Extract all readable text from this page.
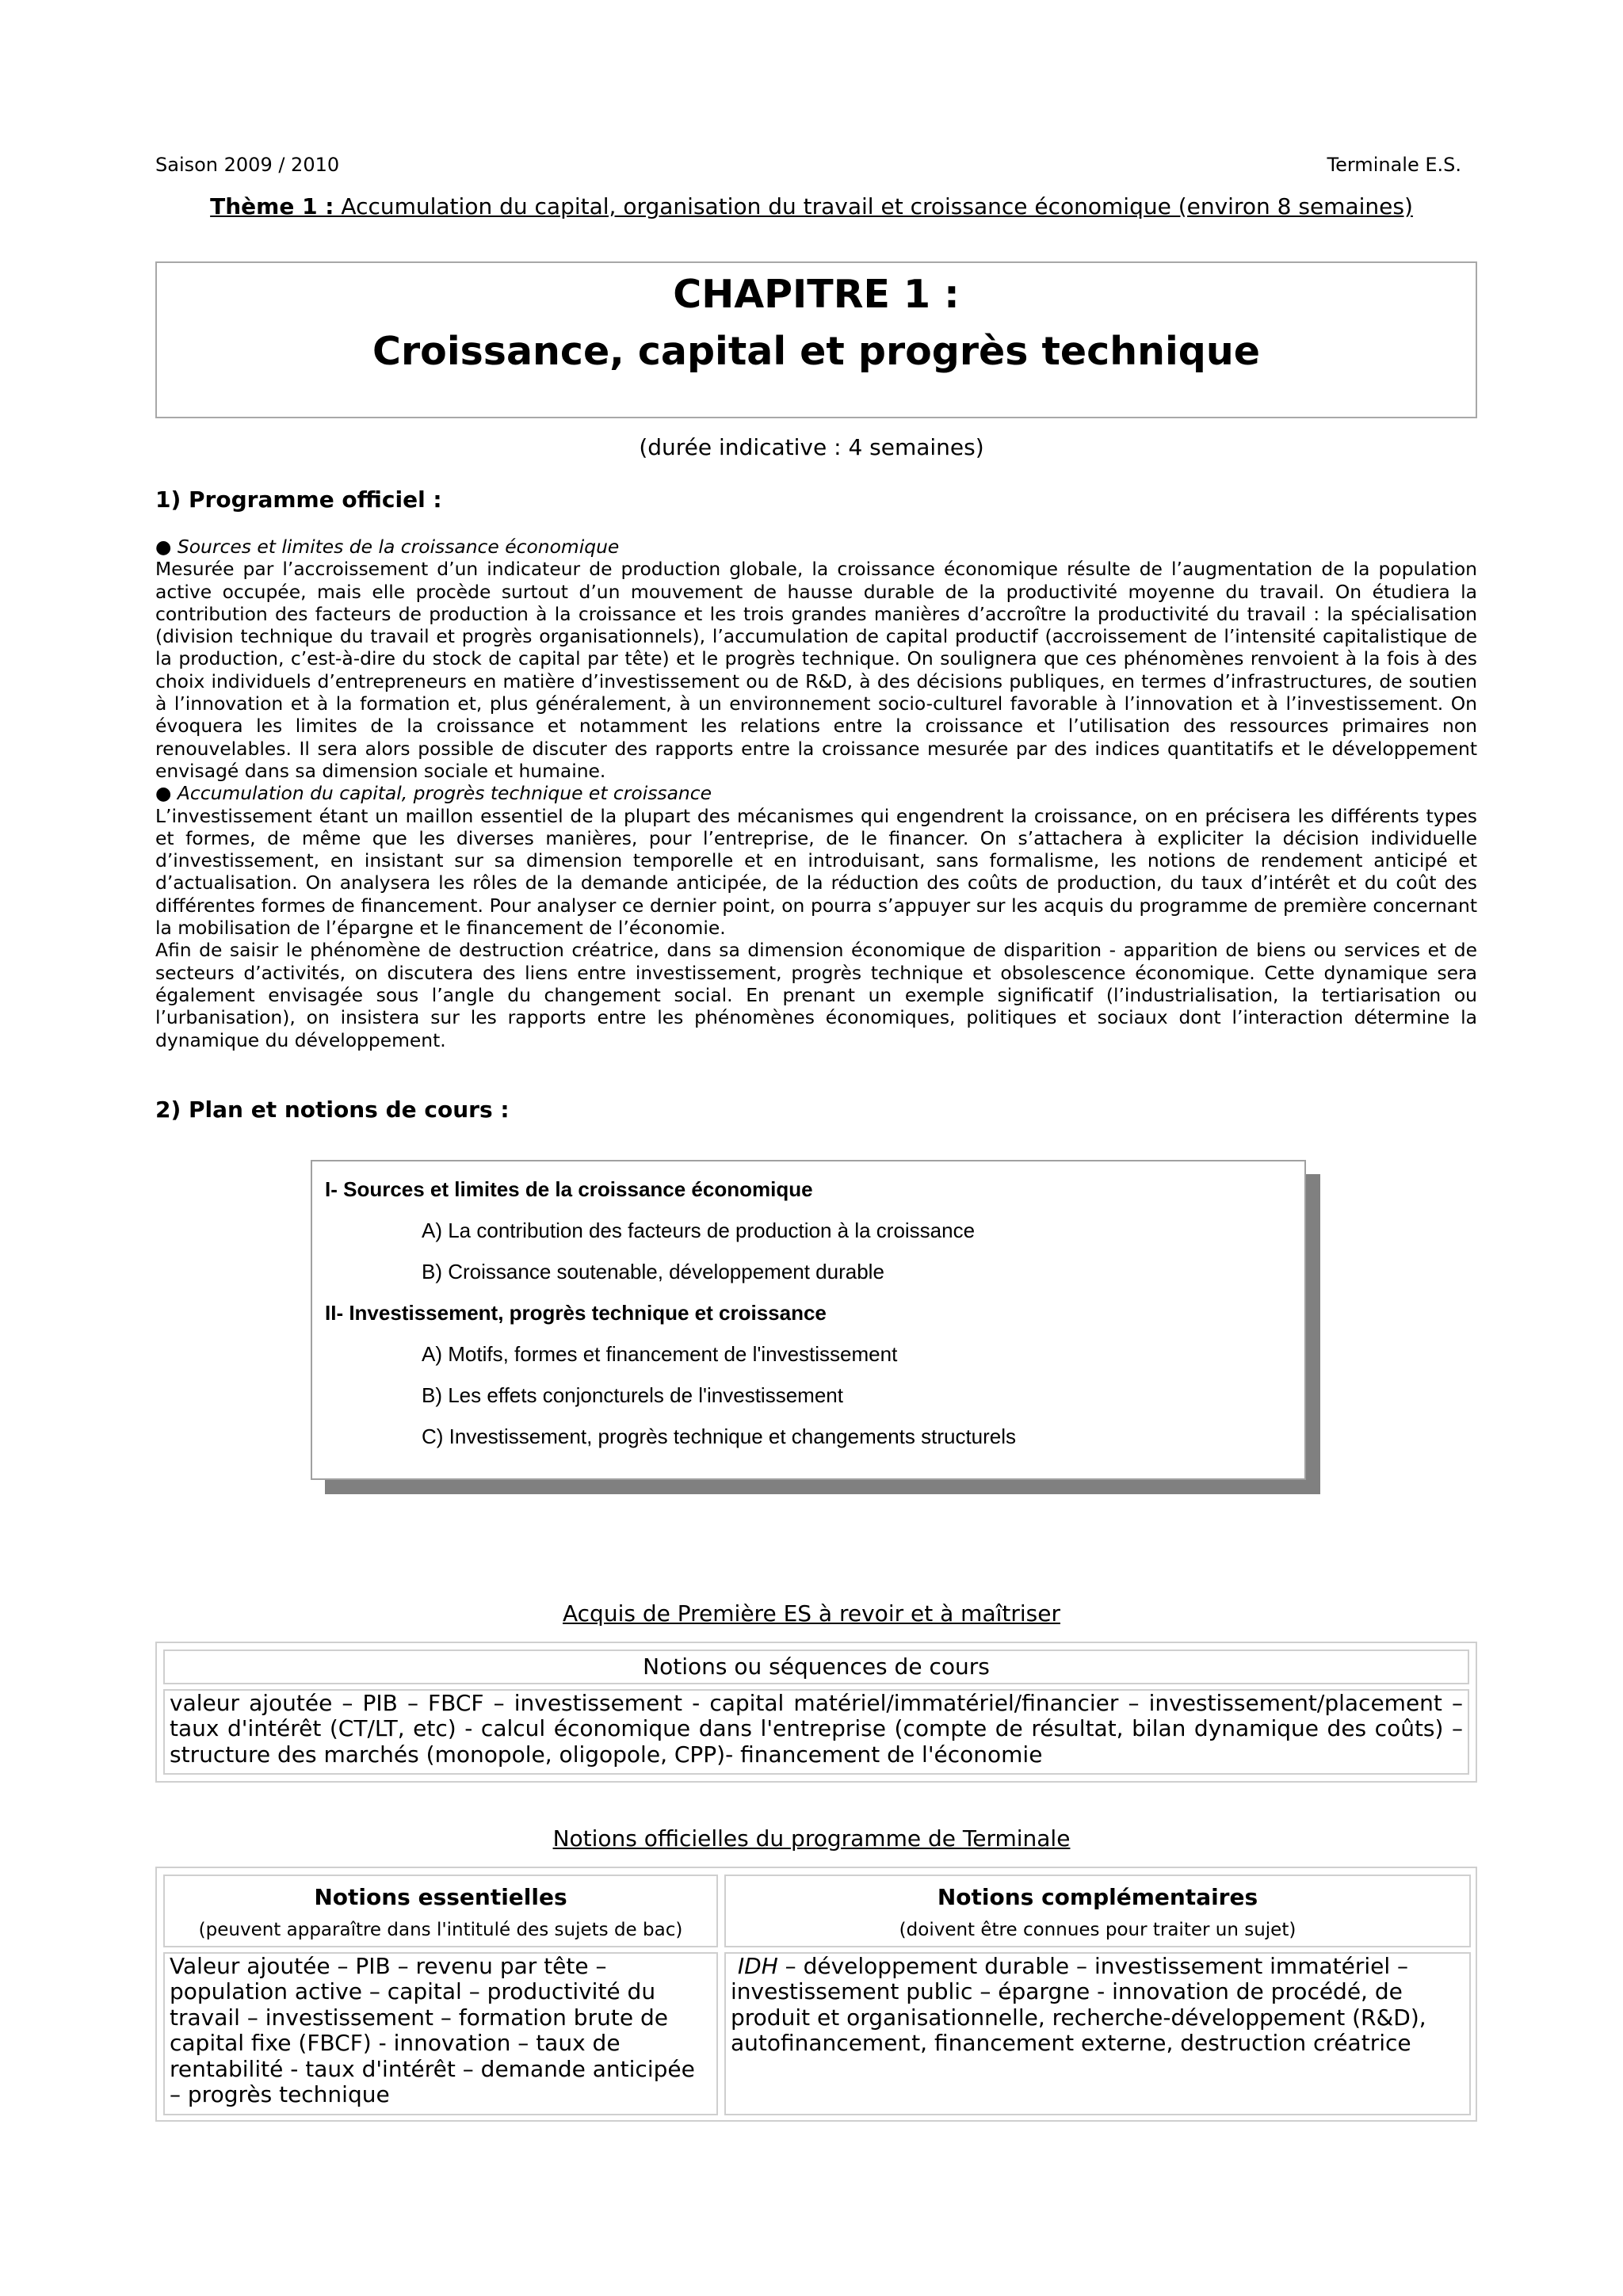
Saison 2009 / 2010	Terminale E.S.
Thème 1 : Accumulation du capital, organisation du travail et croissance économique (environ 8 semaines)
CHAPITRE 1 :
Croissance, capital et progrès technique
(durée indicative : 4 semaines)
1) Programme officiel :

● Sources et limites de la croissance économique

Mesurée par l’accroissement d’un indicateur de production globale, la croissance économique résulte de l’augmentation de la population active occupée, mais elle procède surtout d’un mouvement de hausse durable de la productivité moyenne du travail. On étudiera la contribution des facteurs de production à la croissance et les trois grandes manières d’accroître la productivité du travail : la spécialisation (division technique du travail et progrès organisationnels), l’accumulation de capital productif (accroissement de l’intensité capitalistique de la production, c’est-à-dire du stock de capital par tête) et le progrès technique. On soulignera que ces phénomènes renvoient à la fois à des choix individuels d’entrepreneurs en matière d’investissement ou de R&D, à des décisions publiques, en termes d’infrastructures, de soutien à l’innovation et à la formation et, plus généralement, à un environnement socio-culturel favorable à l’innovation et à l’investissement. On évoquera les limites de la croissance et notamment les relations entre la croissance et l’utilisation des ressources primaires non renouvelables. Il sera alors possible de discuter des rapports entre la croissance mesurée par des indices quantitatifs et le développement envisagé dans sa dimension sociale et humaine.

● Accumulation du capital, progrès technique et croissance

L’investissement étant un maillon essentiel de la plupart des mécanismes qui engendrent la croissance, on en précisera les différents types et formes, de même que les diverses manières, pour l’entreprise, de le financer. On s’attachera à expliciter la décision individuelle d’investissement, en insistant sur sa dimension temporelle et en introduisant, sans formalisme, les notions de rendement anticipé et d’actualisation. On analysera les rôles de la demande anticipée, de la réduction des coûts de production, du taux d’intérêt et du coût des différentes formes de financement. Pour analyser ce dernier point, on pourra s’appuyer sur les acquis du programme de première concernant la mobilisation de l’épargne et le financement de l’économie.

Afin de saisir le phénomène de destruction créatrice, dans sa dimension économique de disparition - apparition de biens ou services et de secteurs d’activités, on discutera des liens entre investissement, progrès technique et obsolescence économique. Cette dynamique sera également envisagée sous l’angle du changement social. En prenant un exemple significatif (l’industrialisation, la tertiarisation ou l’urbanisation), on insistera sur les rapports entre les phénomènes économiques, politiques et sociaux dont l’interaction détermine la dynamique du développement.

2) Plan et notions de cours :
I- Sources et limites de la croissance économique
A) La contribution des facteurs de production à la croissance
B) Croissance soutenable, développement durable
II- Investissement, progrès technique et croissance
A) Motifs, formes et financement de l'investissement
B) Les effets conjoncturels de l'investissement
C) Investissement, progrès technique et changements structurels
Acquis de Première ES à revoir et à maîtriser
Notions ou séquences de cours
valeur ajoutée – PIB – FBCF – investissement - capital matériel/immatériel/financier – investissement/placement – taux d'intérêt (CT/LT, etc) - calcul économique dans l'entreprise (compte de résultat, bilan dynamique des coûts) – structure des marchés (monopole, oligopole, CPP)- financement de l'économie
Notions officielles du programme de Terminale
Notions essentielles
(peuvent apparaître dans l'intitulé des sujets de bac)
Notions complémentaires
(doivent être connues pour traiter un sujet)
Valeur ajoutée – PIB – revenu par tête – population active – capital – productivité du travail – investissement – formation brute de capital fixe (FBCF) - innovation – taux de rentabilité - taux d'intérêt – demande anticipée – progrès technique
IDH – développement durable – investissement immatériel – investissement public – épargne - innovation de procédé, de produit et organisationnelle, recherche-développement (R&D), autofinancement, financement externe, destruction créatrice
